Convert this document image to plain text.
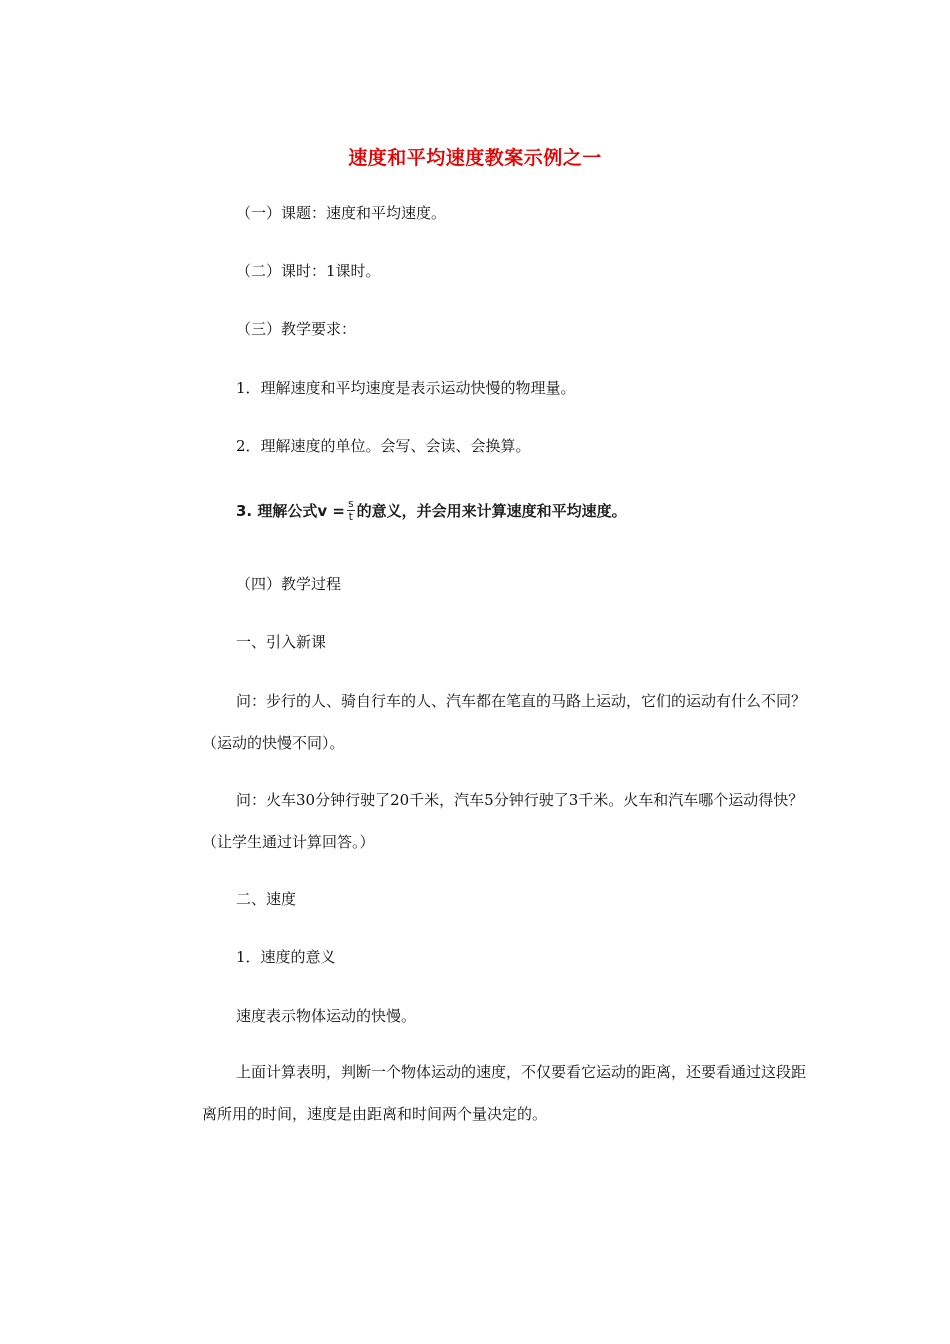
速度和平均速度教案示例之一
（一）课题：速度和平均速度。
（二）课时：1课时。
（三）教学要求：
1．理解速度和平均速度是表示运动快慢的物理量。
2．理解速度的单位。会写、会读、会换算。
3. 理解公式$v = \frac{s}{t}$ 的意义，并会用来计算速度和平均速度。
（四）教学过程
一、引入新课
问：步行的人、骑自行车的人、汽车都在笔直的马路上运动，它们的运动有什么不同？（运动的快慢不同）。
问：火车30分钟行驶了20千米，汽车5分钟行驶了3千米。火车和汽车哪个运动得快？（让学生通过计算回答。）
二、速度
1．速度的意义
速度表示物体运动的快慢。
上面计算表明，判断一个物体运动的速度，不仅要看它运动的距离，还要看通过这段距离所用的时间，速度是由距离和时间两个量决定的。
